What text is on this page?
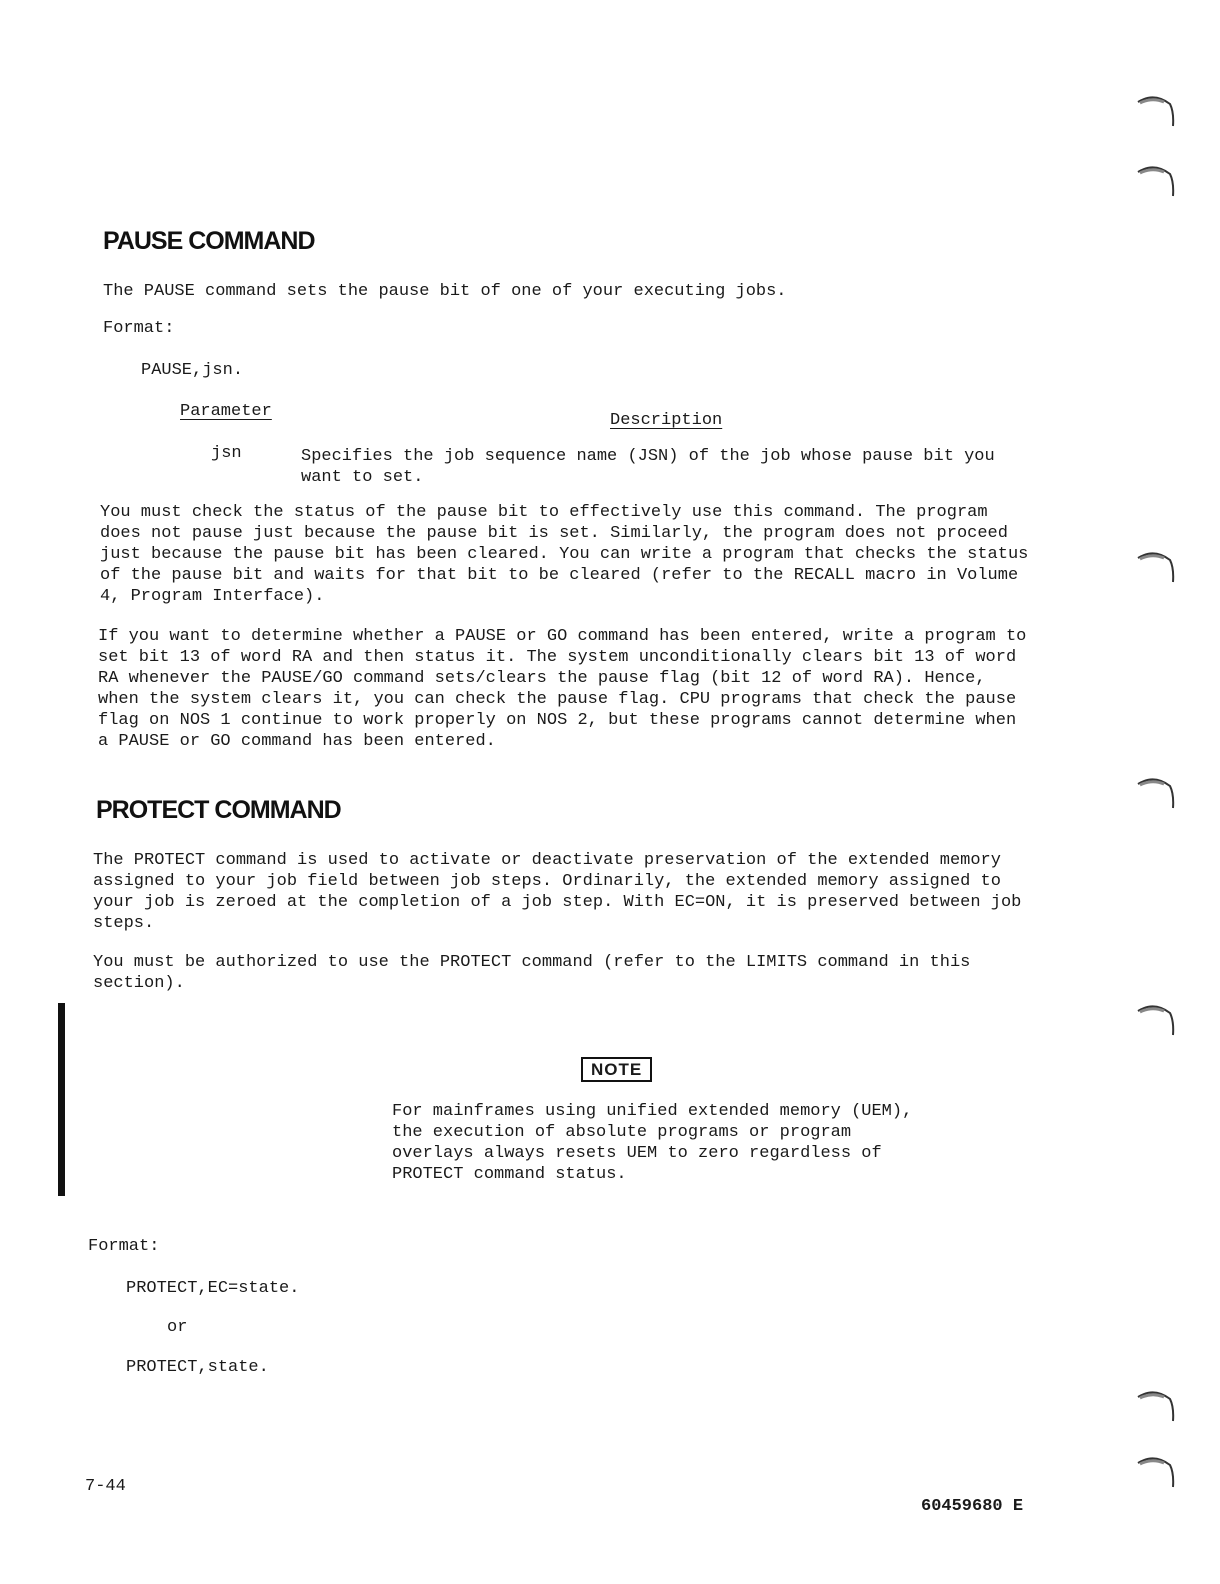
PAUSE COMMAND
The PAUSE command sets the pause bit of one of your executing jobs.
Format:
PAUSE,jsn.
Parameter	Description
jsn	Specifies the job sequence name (JSN) of the job whose pause bit you want to set.
You must check the status of the pause bit to effectively use this command. The program does not pause just because the pause bit is set. Similarly, the program does not proceed just because the pause bit has been cleared. You can write a program that checks the status of the pause bit and waits for that bit to be cleared (refer to the RECALL macro in Volume 4, Program Interface).
If you want to determine whether a PAUSE or GO command has been entered, write a program to set bit 13 of word RA and then status it. The system unconditionally clears bit 13 of word RA whenever the PAUSE/GO command sets/clears the pause flag (bit 12 of word RA). Hence, when the system clears it, you can check the pause flag. CPU programs that check the pause flag on NOS 1 continue to work properly on NOS 2, but these programs cannot determine when a PAUSE or GO command has been entered.
PROTECT COMMAND
The PROTECT command is used to activate or deactivate preservation of the extended memory assigned to your job field between job steps. Ordinarily, the extended memory assigned to your job is zeroed at the completion of a job step. With EC=ON, it is preserved between job steps.
You must be authorized to use the PROTECT command (refer to the LIMITS command in this section).
NOTE
For mainframes using unified extended memory (UEM), the execution of absolute programs or program overlays always resets UEM to zero regardless of PROTECT command status.
Format:
PROTECT,EC=state.
or
PROTECT,state.
7-44
60459680 E
